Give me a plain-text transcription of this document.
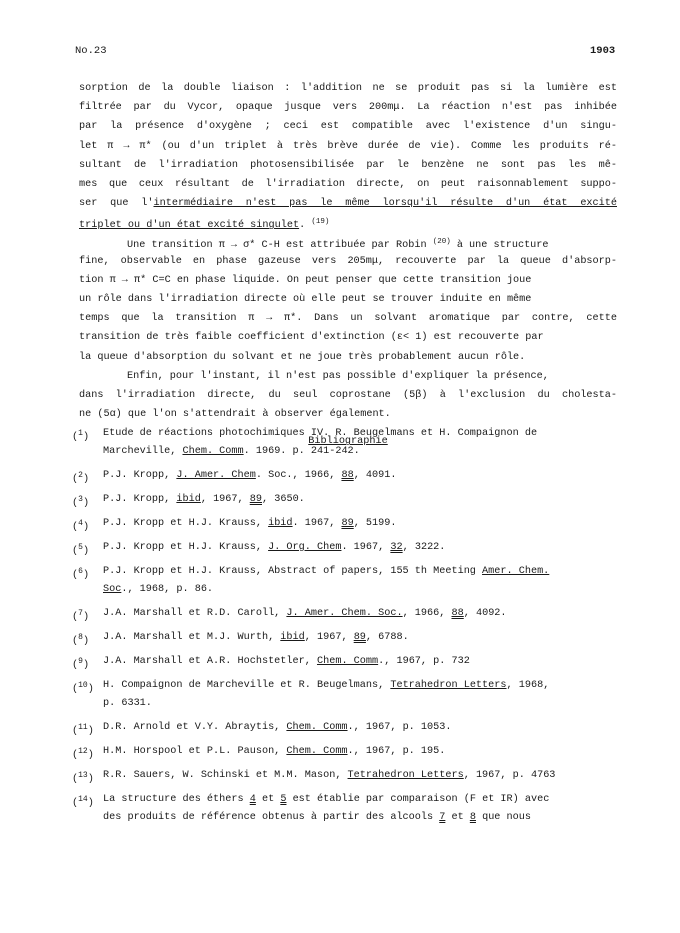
No.23	1903
sorption de la double liaison : l'addition ne se produit pas si la lumière est
filtrée par du Vycor, opaque jusque vers 200mμ. La réaction n'est pas inhibée
par la présence d'oxygène ; ceci est compatible avec l'existence d'un singu-
let π → π* (ou d'un triplet à très brève durée de vie). Comme les produits ré-
sultant de l'irradiation photosensibilisée par le benzène ne sont pas les mê-
mes que ceux résultant de l'irradiation directe, on peut raisonnablement suppo-
ser que l'intermédiaire n'est pas le même lorsqu'il résulte d'un état excité
triplet ou d'un état excité singulet. $^{(19)}$
Une transition π → σ* C-H est attribuée par Robin $^{(20)}$ à une structure
fine, observable en phase gazeuse vers 205mμ, recouverte par la queue d'absorp-
tion π → π* C=C en phase liquide. On peut penser que cette transition joue
un rôle dans l'irradiation directe où elle peut se trouver induite en même
temps que la transition π → π*. Dans un solvant aromatique par contre, cette
transition de très faible coefficient d'extinction (ε< 1) est recouverte par
la queue d'absorption du solvant et ne joue très probablement aucun rôle.
Enfin, pour l'instant, il n'est pas possible d'expliquer la présence,
dans l'irradiation directe, du seul coprostane (5β) à l'exclusion du cholesta-
ne (5α) que l'on s'attendrait à observer également.
Bibliographie
($^1$) Etude de réactions photochimiques IV. R. Beugelmans et H. Compaignon de
Marcheville, Chem. Comm. 1969. p. 241-242.
($^2$) P.J. Kropp, J. Amer. Chem. Soc., 1966, 88, 4091.
($^3$) P.J. Kropp, ibid, 1967, 89, 3650.
($^4$) P.J. Kropp et H.J. Krauss, ibid. 1967, 89, 5199.
($^5$) P.J. Kropp et H.J. Krauss, J. Org. Chem. 1967, 32, 3222.
($^6$) P.J. Kropp et H.J. Krauss, Abstract of papers, 155 th Meeting Amer. Chem.
Soc., 1968, p. 86.
($^7$) J.A. Marshall et R.D. Caroll, J. Amer. Chem. Soc., 1966, 88, 4092.
($^8$) J.A. Marshall et M.J. Wurth, ibid, 1967, 89, 6788.
($^9$) J.A. Marshall et A.R. Hochstetler, Chem. Comm., 1967, p. 732
($^{10}$) H. Compaignon de Marcheville et R. Beugelmans, Tetrahedron Letters, 1968,
p. 6331.
($^{11}$) D.R. Arnold et V.Y. Abraytis, Chem. Comm., 1967, p. 1053.
($^{12}$) H.M. Horspool et P.L. Pauson, Chem. Comm., 1967, p. 195.
($^{13}$) R.R. Sauers, W. Schinski et M.M. Mason, Tetrahedron Letters, 1967, p. 4763
($^{14}$) La structure des éthers 4 et 5 est établie par comparaison (F et IR) avec
des produits de référence obtenus à partir des alcools 7 et 8 que nous
